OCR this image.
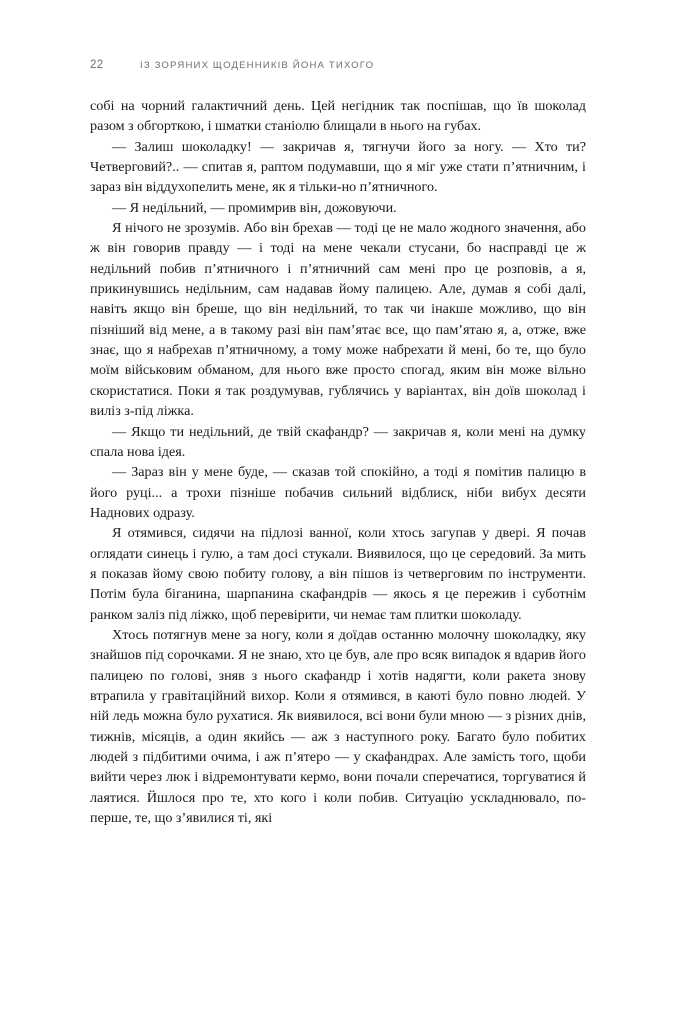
22	ІЗ ЗОРЯНИХ ЩОДЕННИКІВ ЙОНА ТИХОГО

собі на чорний галактичний день. Цей негідник так поспішав, що їв шоколад разом з обгорткою, і шматки станіолю блищали в нього на губах.

— Залиш шоколадку! — закричав я, тягнучи його за ногу. — Хто ти? Четверговий?.. — спитав я, раптом подумавши, що я міг уже стати п’ятничним, і зараз він віддухопелить мене, як я тільки-но п’ятничного.

— Я недільний, — промимрив він, дожовуючи.

Я нічого не зрозумів. Або він брехав — тоді це не мало жодного значення, або ж він говорив правду — і тоді на мене чекали стусани, бо насправді це ж недільний побив п’ятничного і п’ятничний сам мені про це розповів, а я, прикинувшись недільним, сам надавав йому палицею. Але, думав я собі далі, навіть якщо він бреше, що він недільний, то так чи інакше можливо, що він пізніший від мене, а в такому разі він пам’ятає все, що пам’ятаю я, а, отже, вже знає, що я набрехав п’ятничному, а тому може набрехати й мені, бо те, що було моїм військовим обманом, для нього вже просто спогад, яким він може вільно скористатися. Поки я так роздумував, гублячись у варіантах, він доїв шоколад і виліз з-під ліжка.

— Якщо ти недільний, де твій скафандр? — закричав я, коли мені на думку спала нова ідея.

— Зараз він у мене буде, — сказав той спокійно, а тоді я помітив палицю в його руці... а трохи пізніше побачив сильний відблиск, ніби вибух десяти Наднових одразу.

Я отямився, сидячи на підлозі ванної, коли хтось загупав у двері. Я почав оглядати синець і ґулю, а там досі стукали. Виявилося, що це середовий. За мить я показав йому свою побиту голову, а він пішов із четверговим по інструменти. Потім була біганина, шарпанина скафандрів — якось я це пережив і суботнім ранком заліз під ліжко, щоб перевірити, чи немає там плитки шоколаду.

Хтось потягнув мене за ногу, коли я доїдав останню молочну шоколадку, яку знайшов під сорочками. Я не знаю, хто це був, але про всяк випадок я вдарив його палицею по голові, зняв з нього скафандр і хотів надягти, коли ракета знову втрапила у гравітаційний вихор. Коли я отямився, в каюті було повно людей. У ній ледь можна було рухатися. Як виявилося, всі вони були мною — з різних днів, тижнів, місяців, а один якийсь — аж з наступного року. Багато було побитих людей з підбитими очима, і аж п’ятеро — у скафандрах. Але замість того, щоби вийти через люк і відремонтувати кермо, вони почали сперечатися, торгуватися й лаятися. Йшлося про те, хто кого і коли побив. Ситуацію ускладнювало, по-перше, те, що з’явилися ті, які
